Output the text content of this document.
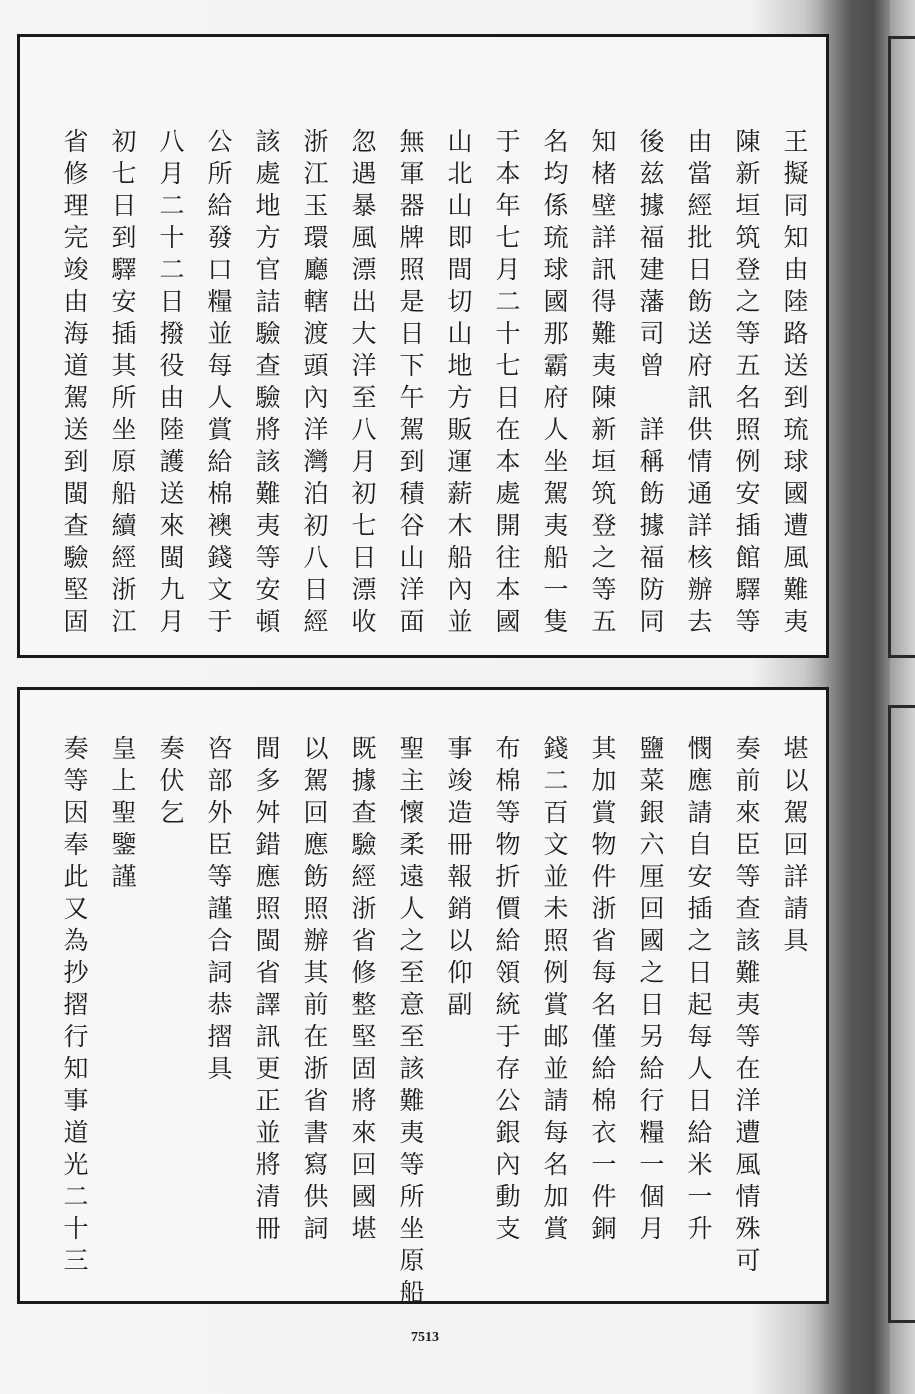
王擬同知由陸路送到琉球國遭風難夷
陳新垣筑登之等五名照例安插館驛等
由當經批日飭送府訊供情通詳核辦去
後兹據福建藩司曾　詳稱飭據福防同
知楮壁詳訊得難夷陳新垣筑登之等五
名均係琉球國那霸府人坐駕夷船一隻
于本年七月二十七日在本處開往本國
山北山即間切山地方販運薪木船內並
無軍器牌照是日下午駕到積谷山洋面
忽遇暴風漂出大洋至八月初七日漂收
浙江玉環廳轄渡頭內洋灣泊初八日經
該處地方官詰驗查驗將該難夷等安頓
公所給發口糧並每人賞給棉襖錢文于
八月二十二日撥役由陸護送來閩九月
初七日到驛安插其所坐原船續經浙江
省修理完竣由海道駕送到閩查驗堅固
堪以駕回詳請具
奏前來臣等查該難夷等在洋遭風情殊可
憫應請自安插之日起每人日給米一升
鹽菜銀六厘回國之日另給行糧一個月
其加賞物件浙省每名僅給棉衣一件銅
錢二百文並未照例賞邮並請每名加賞
布棉等物折價給領統于存公銀內動支
事竣造冊報銷以仰副
聖主懷柔遠人之至意至該難夷等所坐原船
既據查驗經浙省修整堅固將來回國堪
以駕回應飭照辦其前在浙省書寫供詞
間多舛錯應照閩省譯訊更正並將清冊
咨部外臣等謹合詞恭摺具
奏伏乞
皇上聖鑒謹
奏等因奉此又為抄摺行知事道光二十三
7513
